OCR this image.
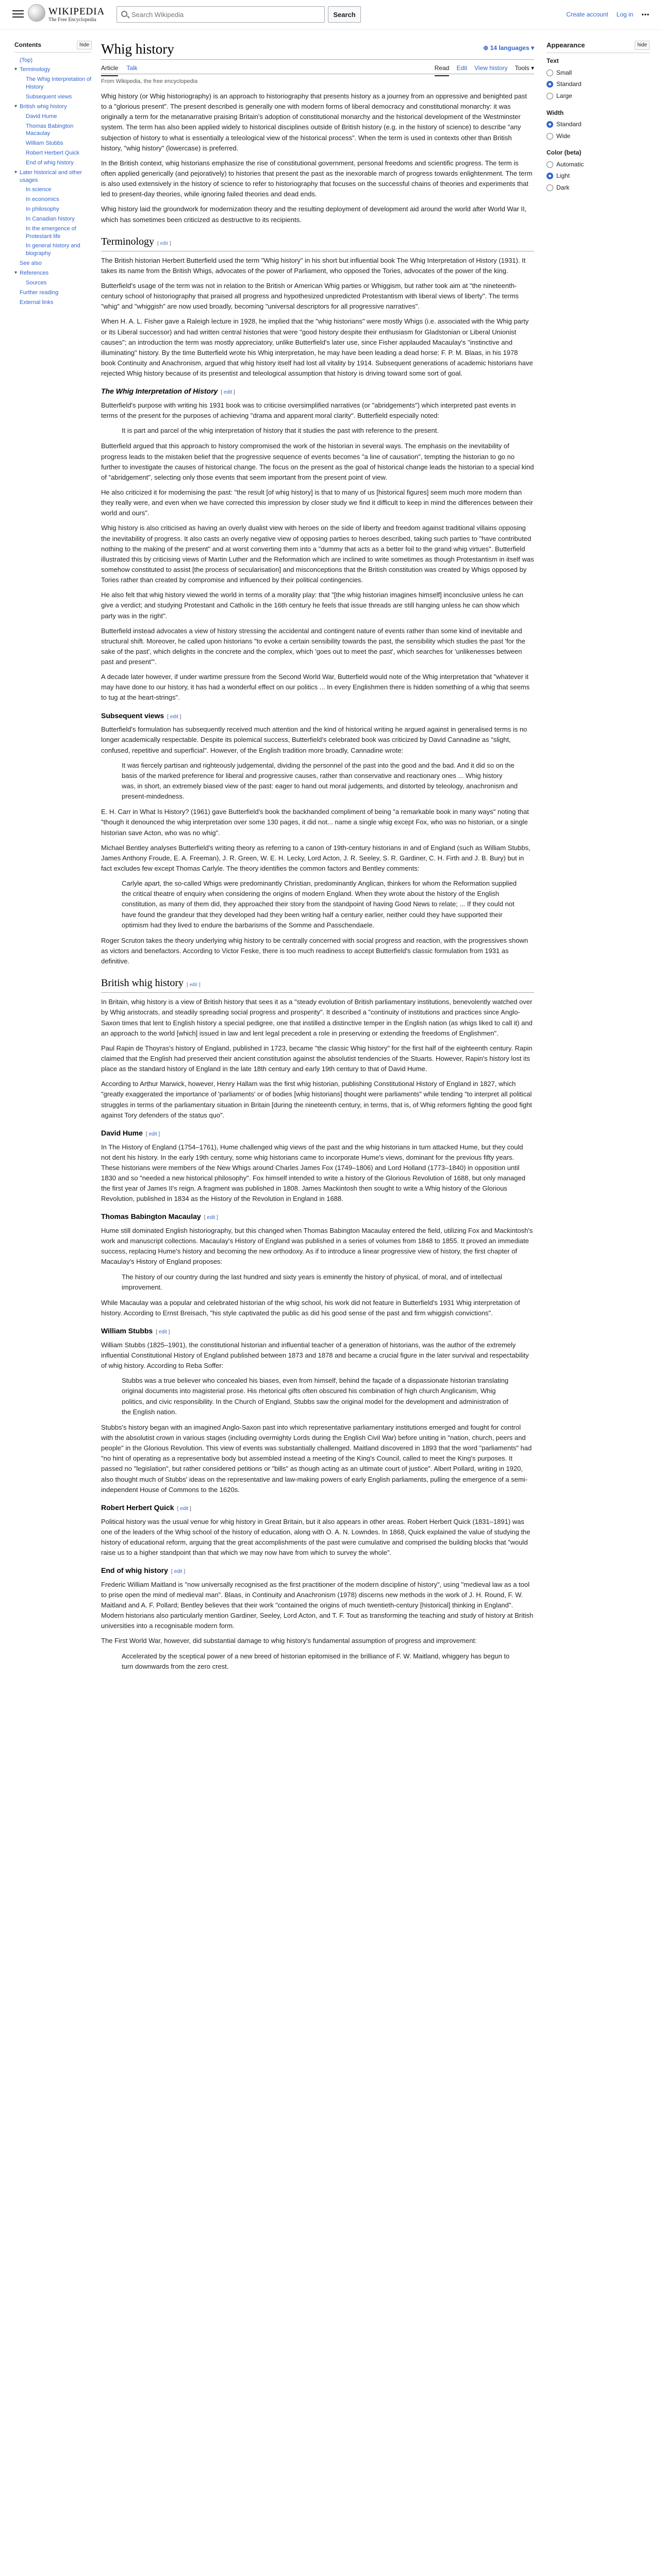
WIKIPEDIA
The Free Encyclopedia
Search Wikipedia
Search	Create account Log in •••
Contents	hide
(Top)
▾ Terminology
The Whig Interpretation of History
Subsequent views
▾ British whig history
David Hume
Thomas Babington Macaulay
William Stubbs
Robert Herbert Quick
End of whig history
▾ Later historical and other usages
In science
In economics
In philosophy
In Canadian history
In the emergence of Protestant life
In general history and biography
See also
▾ References
Sources
Further reading
External links
Whig history	⊕ 14 languages ▾
Article Talk	Read Edit View history Tools ▾
From Wikipedia, the free encyclopedia

Whig history (or Whig historiography) is an approach to historiography that presents history as a journey from an oppressive and benighted past to a "glorious present". The present described is generally one with modern forms of liberal democracy and constitutional monarchy: it was originally a term for the metanarrative praising Britain's adoption of constitutional monarchy and the historical development of the Westminster system. The term has also been applied widely to historical disciplines outside of British history (e.g. in the history of science) to describe "any subjection of history to what is essentially a teleological view of the historical process". When the term is used in contexts other than British history, "whig history" (lowercase) is preferred.

In the British context, whig historians emphasize the rise of constitutional government, personal freedoms and scientific progress. The term is often applied generically (and pejoratively) to histories that present the past as the inexorable march of progress towards enlightenment. The term is also used extensively in the history of science to refer to historiography that focuses on the successful chains of theories and experiments that led to present-day theories, while ignoring failed theories and dead ends.

Whig history laid the groundwork for modernization theory and the resulting deployment of development aid around the world after World War II, which has sometimes been criticized as destructive to its recipients.

Terminology [ edit ]

The British historian Herbert Butterfield used the term "Whig history" in his short but influential book The Whig Interpretation of History (1931). It takes its name from the British Whigs, advocates of the power of Parliament, who opposed the Tories, advocates of the power of the king.

Butterfield's usage of the term was not in relation to the British or American Whig parties or Whiggism, but rather took aim at "the nineteenth-century school of historiography that praised all progress and hypothesized unpredicted Protestantism with liberal views of liberty". The terms "whig" and "whiggish" are now used broadly, becoming "universal descriptors for all progressive narratives".

When H. A. L. Fisher gave a Raleigh lecture in 1928, he implied that the "whig historians" were mostly Whigs (i.e. associated with the Whig party or its Liberal successor) and had written central histories that were "good history despite their enthusiasm for Gladstonian or Liberal Unionist causes"; an introduction the term was mostly appreciatory, unlike Butterfield's later use, since Fisher applauded Macaulay's "instinctive and illuminating" history. By the time Butterfield wrote his Whig interpretation, he may have been leading a dead horse: F. P. M. Blaas, in his 1978 book Continuity and Anachronism, argued that whig history itself had lost all vitality by 1914. Subsequent generations of academic historians have rejected Whig history because of its presentist and teleological assumption that history is driving toward some sort of goal.

The Whig Interpretation of History [ edit ]

Butterfield's purpose with writing his 1931 book was to criticise oversimplified narratives (or "abridgements") which interpreted past events in terms of the present for the purposes of achieving "drama and apparent moral clarity". Butterfield especially noted:

It is part and parcel of the whig interpretation of history that it studies the past with reference to the present.

Butterfield argued that this approach to history compromised the work of the historian in several ways. The emphasis on the inevitability of progress leads to the mistaken belief that the progressive sequence of events becomes "a line of causation", tempting the historian to go no further to investigate the causes of historical change. The focus on the present as the goal of historical change leads the historian to a special kind of "abridgement", selecting only those events that seem important from the present point of view.

He also criticized it for modernising the past: "the result [of whig history] is that to many of us [historical figures] seem much more modern than they really were, and even when we have corrected this impression by closer study we find it difficult to keep in mind the differences between their world and ours".

Whig history is also criticised as having an overly dualist view with heroes on the side of liberty and freedom against traditional villains opposing the inevitability of progress. It also casts an overly negative view of opposing parties to heroes described, taking such parties to "have contributed nothing to the making of the present" and at worst converting them into a "dummy that acts as a better foil to the grand whig virtues". Butterfield illustrated this by criticising views of Martin Luther and the Reformation which are inclined to write sometimes as though Protestantism in itself was somehow constituted to assist [the process of secularisation] and misconceptions that the British constitution was created by Whigs opposed by Tories rather than created by compromise and influenced by their political contingencies.

He also felt that whig history viewed the world in terms of a morality play: that "[the whig historian imagines himself] inconclusive unless he can give a verdict; and studying Protestant and Catholic in the 16th century he feels that issue threads are still hanging unless he can show which party was in the right".

Butterfield instead advocates a view of history stressing the accidental and contingent nature of events rather than some kind of inevitable and structural shift. Moreover, he called upon historians "to evoke a certain sensibility towards the past, the sensibility which studies the past 'for the sake of the past', which delights in the concrete and the complex, which 'goes out to meet the past', which searches for 'unlikenesses between past and present'".

A decade later however, if under wartime pressure from the Second World War, Butterfield would note of the Whig interpretation that "whatever it may have done to our history, it has had a wonderful effect on our politics ... In every Englishmen there is hidden something of a whig that seems to tug at the heart-strings".

Subsequent views [ edit ]

Butterfield's formulation has subsequently received much attention and the kind of historical writing he argued against in generalised terms is no longer academically respectable. Despite its polemical success, Butterfield's celebrated book was criticized by David Cannadine as "slight, confused, repetitive and superficial". However, of the English tradition more broadly, Cannadine wrote:

It was fiercely partisan and righteously judgemental, dividing the personnel of the past into the good and the bad. And it did so on the basis of the marked preference for liberal and progressive causes, rather than conservative and reactionary ones ... Whig history was, in short, an extremely biased view of the past: eager to hand out moral judgements, and distorted by teleology, anachronism and present-mindedness.

E. H. Carr in What Is History? (1961) gave Butterfield's book the backhanded compliment of being "a remarkable book in many ways" noting that "though it denounced the whig interpretation over some 130 pages, it did not... name a single whig except Fox, who was no historian, or a single historian save Acton, who was no whig".

Michael Bentley analyses Butterfield's writing theory as referring to a canon of 19th-century historians in and of England (such as William Stubbs, James Anthony Froude, E. A. Freeman), J. R. Green, W. E. H. Lecky, Lord Acton, J. R. Seeley, S. R. Gardiner, C. H. Firth and J. B. Bury) but in fact excludes few except Thomas Carlyle. The theory identifies the common factors and Bentley comments:

Carlyle apart, the so-called Whigs were predominantly Christian, predominantly Anglican, thinkers for whom the Reformation supplied the critical theatre of enquiry when considering the origins of modern England. When they wrote about the history of the English constitution, as many of them did, they approached their story from the standpoint of having Good News to relate; ... If they could not have found the grandeur that they developed had they been writing half a century earlier, neither could they have supported their optimism had they lived to endure the barbarisms of the Somme and Passchendaele.

Roger Scruton takes the theory underlying whig history to be centrally concerned with social progress and reaction, with the progressives shown as victors and benefactors. According to Victor Feske, there is too much readiness to accept Butterfield's classic formulation from 1931 as definitive.

British whig history [ edit ]

In Britain, whig history is a view of British history that sees it as a "steady evolution of British parliamentary institutions, benevolently watched over by Whig aristocrats, and steadily spreading social progress and prosperity". It described a "continuity of institutions and practices since Anglo-Saxon times that lent to English history a special pedigree, one that instilled a distinctive temper in the English nation (as whigs liked to call it) and an approach to the world [which] issued in law and lent legal precedent a role in preserving or extending the freedoms of Englishmen".

Paul Rapin de Thoyras's history of England, published in 1723, became "the classic Whig history" for the first half of the eighteenth century. Rapin claimed that the English had preserved their ancient constitution against the absolutist tendencies of the Stuarts. However, Rapin's history lost its place as the standard history of England in the late 18th century and early 19th century to that of David Hume.

According to Arthur Marwick, however, Henry Hallam was the first whig historian, publishing Constitutional History of England in 1827, which "greatly exaggerated the importance of 'parliaments' or of bodies [whig historians] thought were parliaments" while tending "to interpret all political struggles in terms of the parliamentary situation in Britain [during the nineteenth century, in terms, that is, of Whig reformers fighting the good fight against Tory defenders of the status quo".

David Hume [ edit ]

In The History of England (1754–1761), Hume challenged whig views of the past and the whig historians in turn attacked Hume, but they could not dent his history. In the early 19th century, some whig historians came to incorporate Hume's views, dominant for the previous fifty years. These historians were members of the New Whigs around Charles James Fox (1749–1806) and Lord Holland (1773–1840) in opposition until 1830 and so "needed a new historical philosophy". Fox himself intended to write a history of the Glorious Revolution of 1688, but only managed the first year of James II's reign. A fragment was published in 1808. James Mackintosh then sought to write a Whig history of the Glorious Revolution, published in 1834 as the History of the Revolution in England in 1688.

Thomas Babington Macaulay [ edit ]

Hume still dominated English historiography, but this changed when Thomas Babington Macaulay entered the field, utilizing Fox and Mackintosh's work and manuscript collections. Macaulay's History of England was published in a series of volumes from 1848 to 1855. It proved an immediate success, replacing Hume's history and becoming the new orthodoxy. As if to introduce a linear progressive view of history, the first chapter of Macaulay's History of England proposes:

The history of our country during the last hundred and sixty years is eminently the history of physical, of moral, and of intellectual improvement.

While Macaulay was a popular and celebrated historian of the whig school, his work did not feature in Butterfield's 1931 Whig interpretation of history. According to Ernst Breisach, "his style captivated the public as did his good sense of the past and firm whiggish convictions".

William Stubbs [ edit ]

William Stubbs (1825–1901), the constitutional historian and influential teacher of a generation of historians, was the author of the extremely influential Constitutional History of England published between 1873 and 1878 and became a crucial figure in the later survival and respectability of whig history. According to Reba Soffer:

Stubbs was a true believer who concealed his biases, even from himself, behind the façade of a dispassionate historian translating original documents into magisterial prose. His rhetorical gifts often obscured his combination of high church Anglicanism, Whig politics, and civic responsibility. In the Church of England, Stubbs saw the original model for the development and administration of the English nation.

Stubbs's history began with an imagined Anglo-Saxon past into which representative parliamentary institutions emerged and fought for control with the absolutist crown in various stages (including overmighty Lords during the English Civil War) before uniting in "nation, church, peers and people" in the Glorious Revolution. This view of events was substantially challenged. Maitland discovered in 1893 that the word "parliaments" had "no hint of operating as a representative body but assembled instead a meeting of the King's Council, called to meet the King's purposes. It passed no "legislation", but rather considered petitions or "bills" as though acting as an ultimate court of justice". Albert Pollard, writing in 1920, also thought much of Stubbs' ideas on the representative and law-making powers of early English parliaments, pulling the emergence of a semi-independent House of Commons to the 1620s.

Robert Herbert Quick [ edit ]

Political history was the usual venue for whig history in Great Britain, but it also appears in other areas. Robert Herbert Quick (1831–1891) was one of the leaders of the Whig school of the history of education, along with O. A. N. Lowndes. In 1868, Quick explained the value of studying the history of educational reform, arguing that the great accomplishments of the past were cumulative and comprised the building blocks that "would raise us to a higher standpoint than that which we may now have from which to survey the whole".

End of whig history [ edit ]

Frederic William Maitland is "now universally recognised as the first practitioner of the modern discipline of history", using "medieval law as a tool to prise open the mind of medieval man". Blaas, in Continuity and Anachronism (1978) discerns new methods in the work of J. H. Round, F. W. Maitland and A. F. Pollard; Bentley believes that their work "contained the origins of much twentieth-century [historical] thinking in England". Modern historians also particularly mention Gardiner, Seeley, Lord Acton, and T. F. Tout as transforming the teaching and study of history at British universities into a recognisable modern form.

The First World War, however, did substantial damage to whig history's fundamental assumption of progress and improvement:

Accelerated by the sceptical power of a new breed of historian epitomised in the brilliance of F. W. Maitland, whiggery has begun to turn downwards from the zero crest.
Appearance	hide
Text
Small
Standard
Large
Width
Standard
Wide
Color (beta)
Automatic
Light
Dark
